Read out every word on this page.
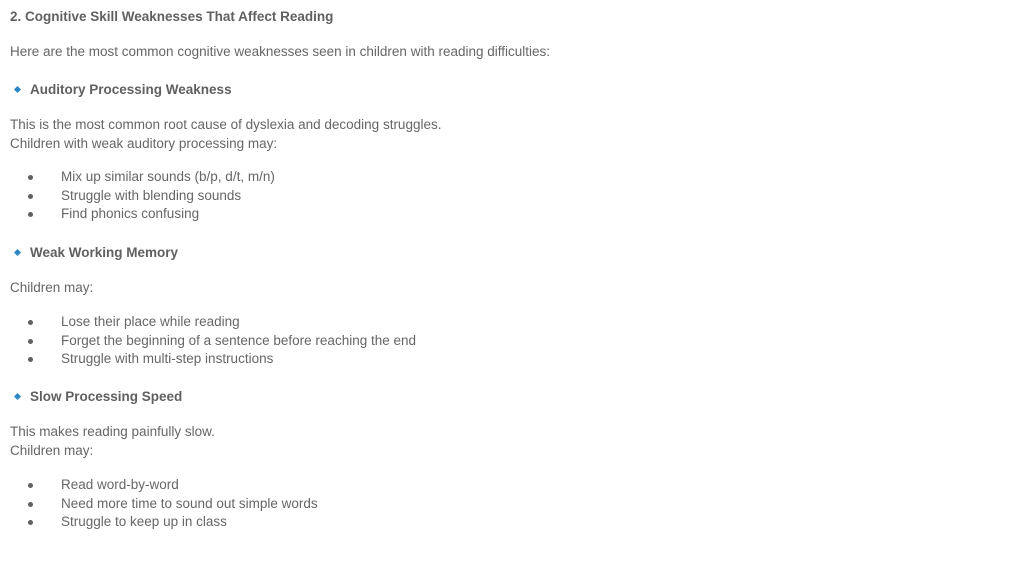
2. Cognitive Skill Weaknesses That Affect Reading
Here are the most common cognitive weaknesses seen in children with reading difficulties:
Auditory Processing Weakness
This is the most common root cause of dyslexia and decoding struggles.
Children with weak auditory processing may:
Mix up similar sounds (b/p, d/t, m/n)
Struggle with blending sounds
Find phonics confusing
Weak Working Memory
Children may:
Lose their place while reading
Forget the beginning of a sentence before reaching the end
Struggle with multi-step instructions
Slow Processing Speed
This makes reading painfully slow.
Children may:
Read word-by-word
Need more time to sound out simple words
Struggle to keep up in class
